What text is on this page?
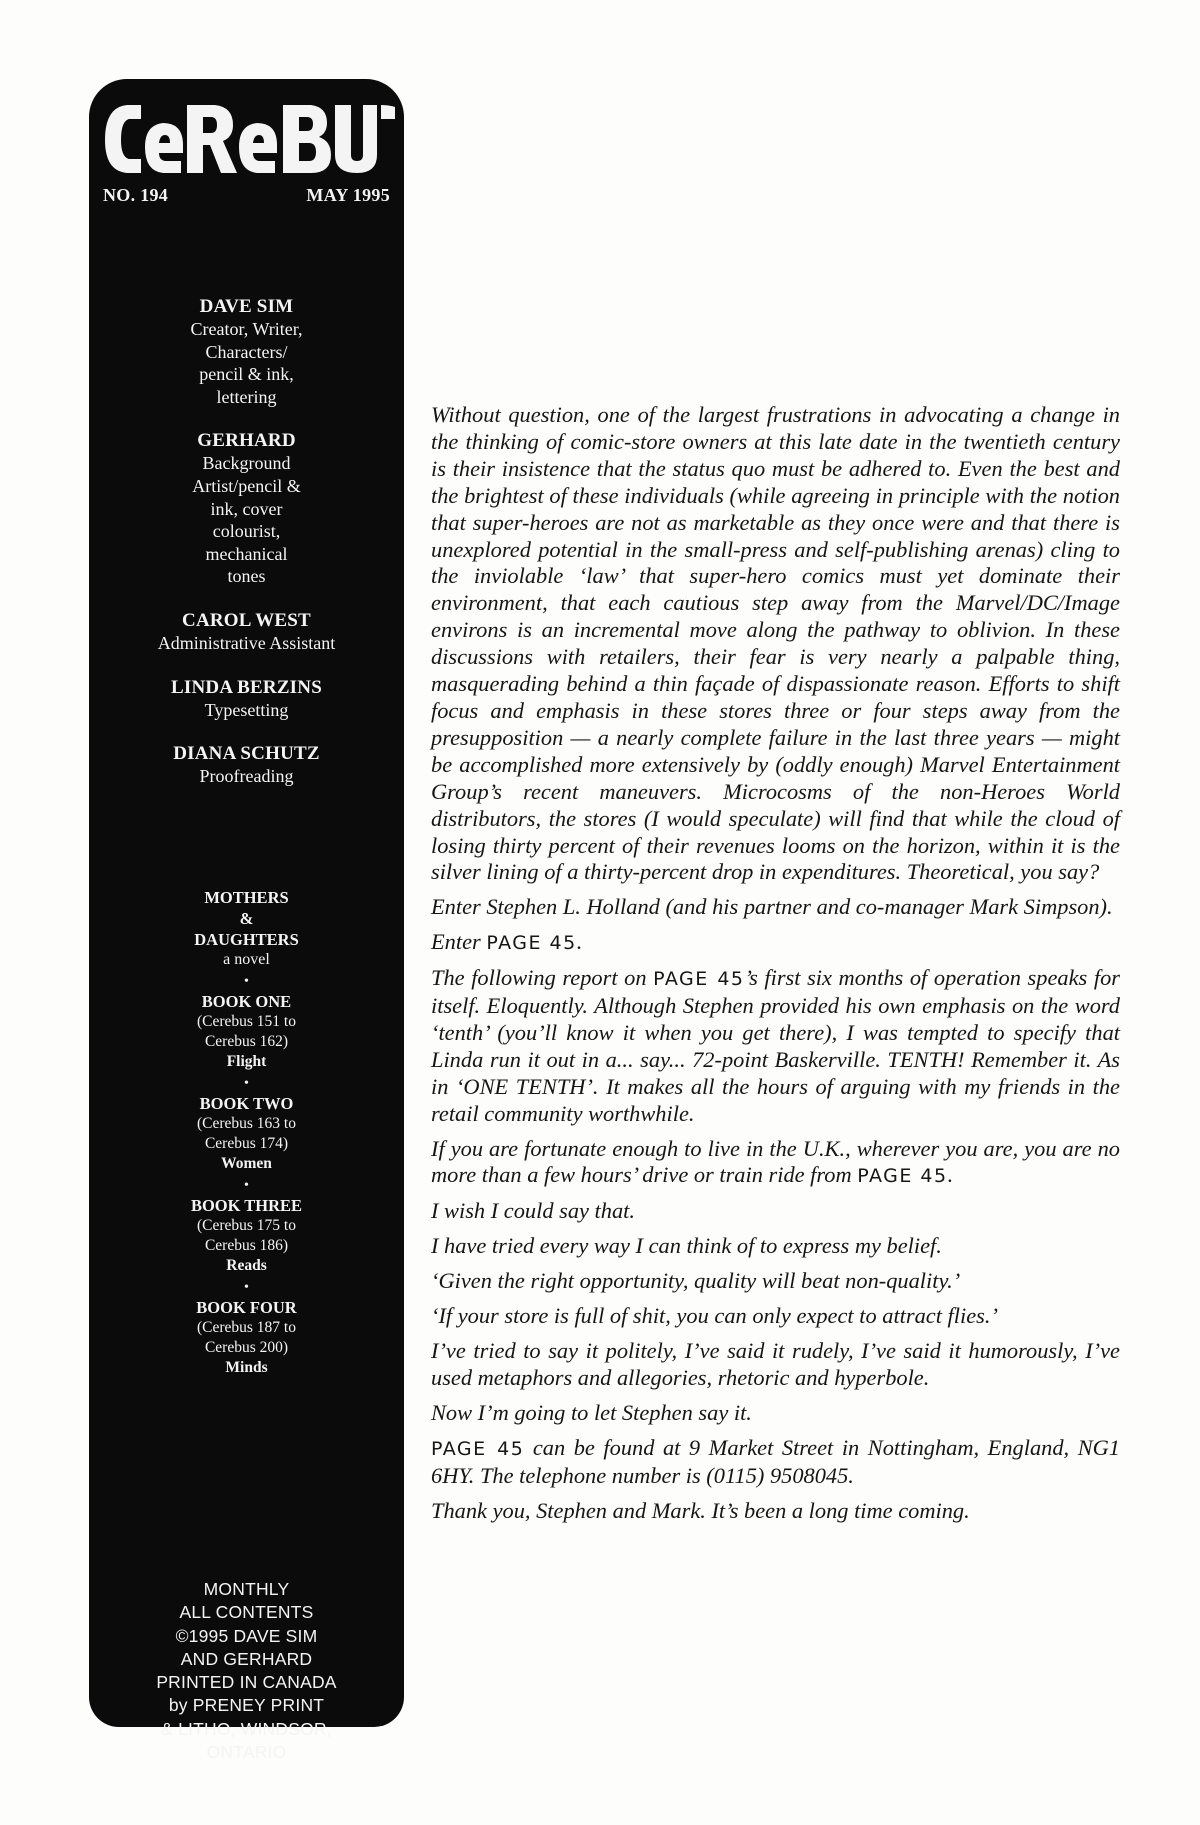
NO. 194	MAY 1995
DAVE SIM
Creator, Writer,
Characters/
pencil & ink,
lettering
GERHARD
Background
Artist/pencil &
ink, cover
colourist,
mechanical
tones
CAROL WEST
Administrative Assistant
LINDA BERZINS
Typesetting
DIANA SCHUTZ
Proofreading
MOTHERS
&
DAUGHTERS
a novel
•
BOOK ONE
(Cerebus 151 to
Cerebus 162)
Flight
•
BOOK TWO
(Cerebus 163 to
Cerebus 174)
Women
•
BOOK THREE
(Cerebus 175 to
Cerebus 186)
Reads
•
BOOK FOUR
(Cerebus 187 to
Cerebus 200)
Minds
MONTHLY
ALL CONTENTS
©1995 DAVE SIM
AND GERHARD
PRINTED IN CANADA
by PRENEY PRINT
& LITHO, WINDSOR,
ONTARIO

Without question, one of the largest frustrations in advocating a change in the thinking of comic-store owners at this late date in the twentieth century is their insistence that the status quo must be adhered to. Even the best and the brightest of these individuals (while agreeing in principle with the notion that super-heroes are not as marketable as they once were and that there is unexplored potential in the small-press and self-publishing arenas) cling to the inviolable ‘law’ that super-hero comics must yet dominate their environment, that each cautious step away from the Marvel/DC/Image environs is an incremental move along the pathway to oblivion. In these discussions with retailers, their fear is very nearly a palpable thing, masquerading behind a thin façade of dispassionate reason. Efforts to shift focus and emphasis in these stores three or four steps away from the presupposition — a nearly complete failure in the last three years — might be accomplished more extensively by (oddly enough) Marvel Entertainment Group’s recent maneuvers. Microcosms of the non-Heroes World distributors, the stores (I would speculate) will find that while the cloud of losing thirty percent of their revenues looms on the horizon, within it is the silver lining of a thirty-percent drop in expenditures. Theoretical, you say?

Enter Stephen L. Holland (and his partner and co-manager Mark Simpson).

Enter PAGE 45.

The following report on PAGE 45’s first six months of operation speaks for itself. Eloquently. Although Stephen provided his own emphasis on the word ‘tenth’ (you’ll know it when you get there), I was tempted to specify that Linda run it out in a... say... 72-point Baskerville. TENTH! Remember it. As in ‘ONE TENTH’. It makes all the hours of arguing with my friends in the retail community worthwhile.

If you are fortunate enough to live in the U.K., wherever you are, you are no more than a few hours’ drive or train ride from PAGE 45.

I wish I could say that.

I have tried every way I can think of to express my belief.

‘Given the right opportunity, quality will beat non-quality.’

‘If your store is full of shit, you can only expect to attract flies.’

I’ve tried to say it politely, I’ve said it rudely, I’ve said it humorously, I’ve used metaphors and allegories, rhetoric and hyperbole.

Now I’m going to let Stephen say it.

PAGE 45 can be found at 9 Market Street in Nottingham, England, NG1 6HY. The telephone number is (0115) 9508045.

Thank you, Stephen and Mark. It’s been a long time coming.
